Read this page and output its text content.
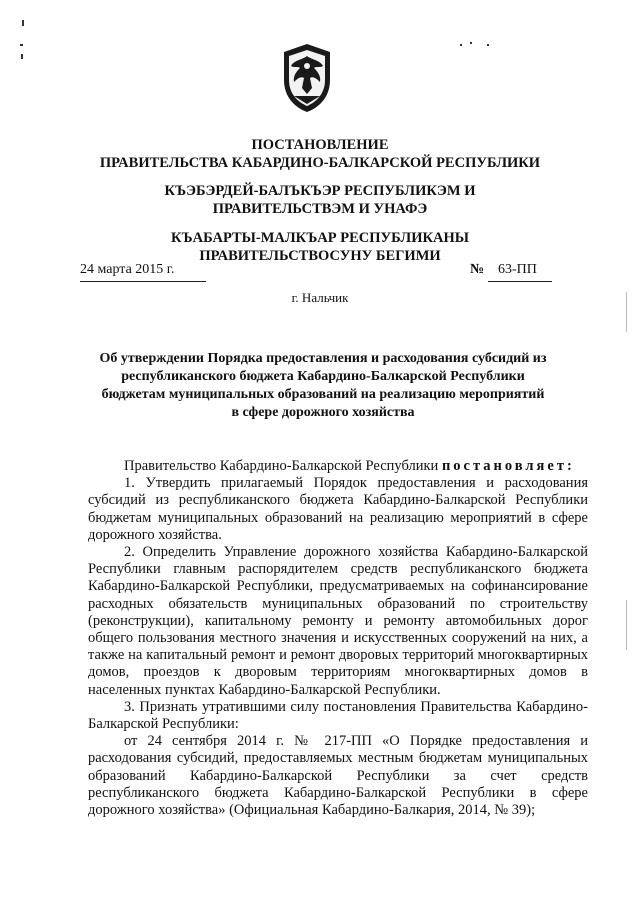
ПОСТАНОВЛЕНИЕ
ПРАВИТЕЛЬСТВА КАБАРДИНО-БАЛКАРСКОЙ РЕСПУБЛИКИ
КЪЭБЭРДЕЙ-БАЛЪКЪЭР РЕСПУБЛИКЭМ И ПРАВИТЕЛЬСТВЭМ И УНАФЭ
КЪАБАРТЫ-МАЛКЪАР РЕСПУБЛИКАНЫ ПРАВИТЕЛЬСТВОСУНУ БЕГИМИ
24 марта 2015 г.	№ 63-ПП
г. Нальчик
Об утверждении Порядка предоставления и расходования субсидий из республиканского бюджета Кабардино-Балкарской Республики бюджетам муниципальных образований на реализацию мероприятий в сфере дорожного хозяйства

Правительство Кабардино-Балкарской Республики постановляет:

1. Утвердить прилагаемый Порядок предоставления и расходования субсидий из республиканского бюджета Кабардино-Балкарской Республики бюджетам муниципальных образований на реализацию мероприятий в сфере дорожного хозяйства.

2. Определить Управление дорожного хозяйства Кабардино-Балкарской Республики главным распорядителем средств республиканского бюджета Кабардино-Балкарской Республики, предусматриваемых на софинансирование расходных обязательств муниципальных образований по строительству (реконструкции), капитальному ремонту и ремонту автомобильных дорог общего пользования местного значения и искусственных сооружений на них, а также на капитальный ремонт и ремонт дворовых территорий многоквартирных домов, проездов к дворовым территориям многоквартирных домов в населенных пунктах Кабардино-Балкарской Республики.

3. Признать утратившими силу постановления Правительства Кабардино-Балкарской Республики:

от 24 сентября 2014 г. № 217-ПП «О Порядке предоставления и расходования субсидий, предоставляемых местным бюджетам муниципальных образований Кабардино-Балкарской Республики за счет средств республиканского бюджета Кабардино-Балкарской Республики в сфере дорожного хозяйства» (Официальная Кабардино-Балкария, 2014, № 39);
